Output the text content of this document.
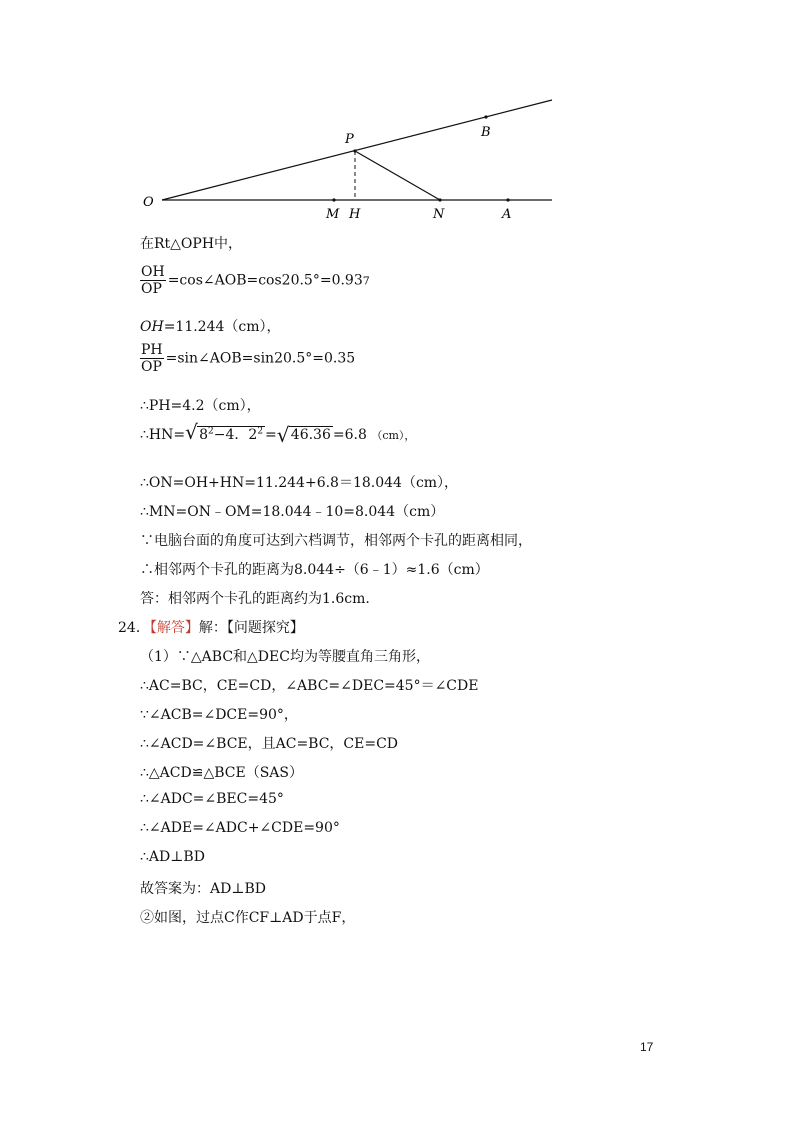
O
P	B
M H	N	A
在Rt△OPH中，
$\frac{OH}{OP}$ =cos∠AOB=cos20.5°=0.937
OH=11.244（cm），
$\frac{PH}{OP}$ =sin∠AOB=sin20.5°=0.35
∴PH=4.2（cm），
∴HN= √ $8^2-4$．$2^2$ = √ 46.36 =6.8 （cm），
∴ON=OH+HN=11.244+6.8＝18.044（cm），
∴MN=ON﹣OM=18.044﹣10=8.044（cm）
∵电脑台面的角度可达到六档调节，相邻两个卡孔的距离相同，
∴相邻两个卡孔的距离为8.044÷（6﹣1）≈1.6（cm）
答：相邻两个卡孔的距离约为1.6cm.
24．【解答】解：【问题探究】
（1）∵△ABC和△DEC均为等腰直角三角形，
∴AC=BC，CE=CD，∠ABC=∠DEC=45°＝∠CDE
∵∠ACB=∠DCE=90°，
∴∠ACD=∠BCE，且AC=BC，CE=CD
∴△ACD≌△BCE（SAS）
∴∠ADC=∠BEC=45°
∴∠ADE=∠ADC+∠CDE=90°
∴AD⊥BD
故答案为：AD⊥BD
②如图，过点C作CF⊥AD于点F，
17
